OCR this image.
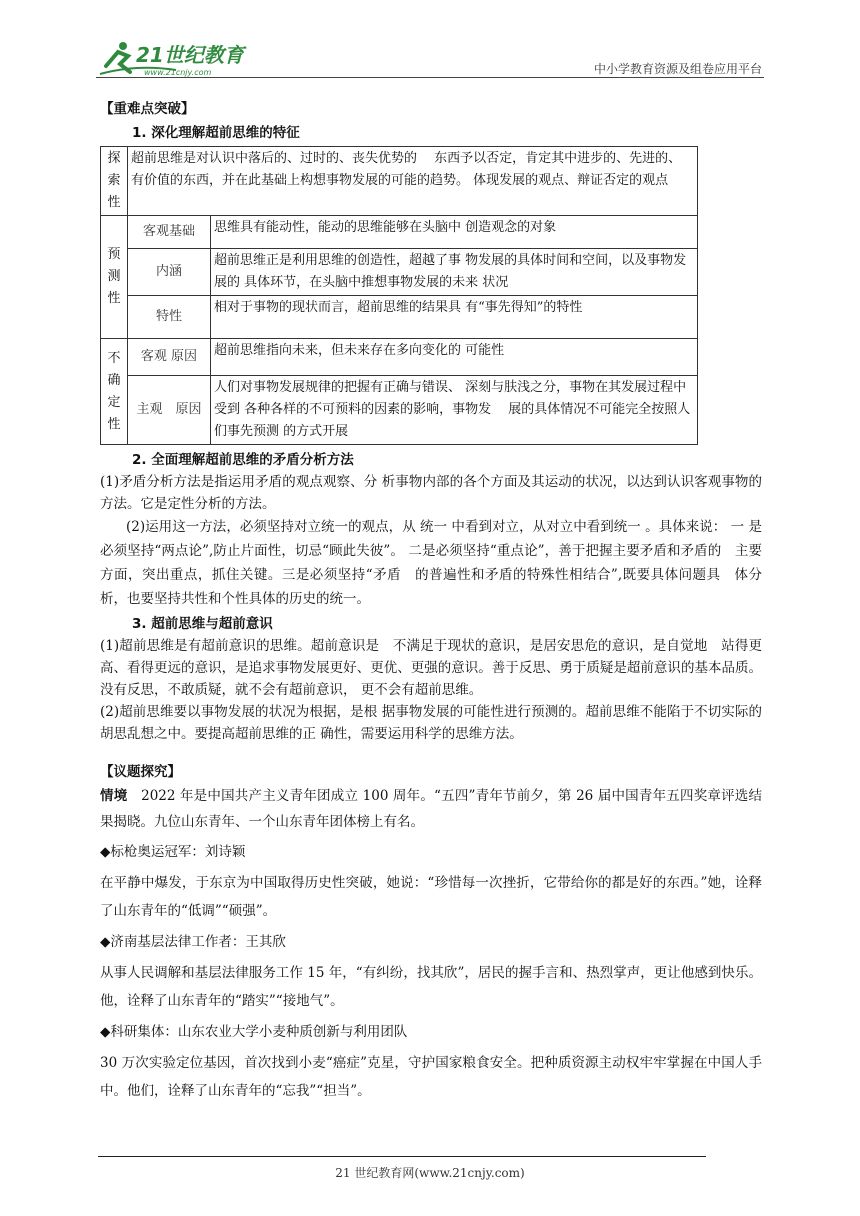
21世纪教育
www.21cnjy.com	中小学教育资源及组卷应用平台

【重难点突破】

1. 深化理解超前思维的特征

探索性	超前思维是对认识中落后的、过时的、丧失优势的　 东西予以否定，肯定其中进步的、先进的、有价值的东西，并在此基础上构想事物发展的可能的趋势。 体现发展的观点、辩证否定的观点	
预测性	客观基础	思维具有能动性，能动的思维能够在头脑中 创造观念的对象
	内涵	超前思维正是利用思维的创造性，超越了事 物发展的具体时间和空间，以及事物发展的 具体环节，在头脑中推想事物发展的未来 状况
	特性	相对于事物的现状而言，超前思维的结果具 有“事先得知”的特性
不确定性	客观 原因	超前思维指向未来，但未来存在多向变化的 可能性
	主观　原因	人们对事物发展规律的把握有正确与错误、 深刻与肤浅之分，事物在其发展过程中受到 各种各样的不可预料的因素的影响，事物发　 展的具体情况不可能完全按照人们事先预测 的方式开展

2. 全面理解超前思维的矛盾分析方法

(1)矛盾分析方法是指运用矛盾的观点观察、分 析事物内部的各个方面及其运动的状况，以达到认识客观事物的方法。它是定性分析的方法。

(2)运用这一方法，必须坚持对立统一的观点，从 统一 中看到对立，从对立中看到统一 。具体来说： 一 是必须坚持“两点论”,防止片面性，切忌“顾此失彼”。 二是必须坚持“重点论”，善于把握主要矛盾和矛盾的　主要方面，突出重点，抓住关键。三是必须坚持“矛盾　的普遍性和矛盾的特殊性相结合”,既要具体问题具　体分析，也要坚持共性和个性具体的历史的统一。

3. 超前思维与超前意识

(1)超前思维是有超前意识的思维。超前意识是　不满足于现状的意识，是居安思危的意识，是自觉地　站得更高、看得更远的意识，是追求事物发展更好、更优、更强的意识。善于反思、勇于质疑是超前意识的基本品质。没有反思，不敢质疑，就不会有超前意识， 更不会有超前思维。

(2)超前思维要以事物发展的状况为根据，是根 据事物发展的可能性进行预测的。超前思维不能陷于不切实际的胡思乱想之中。要提高超前思维的正 确性，需要运用科学的思维方法。

【议题探究】

情境　2022 年是中国共产主义青年团成立 100 周年。“五四”青年节前夕，第 26 届中国青年五四奖章评选结果揭晓。九位山东青年、一个山东青年团体榜上有名。

◆标枪奥运冠军：刘诗颖

在平静中爆发，于东京为中国取得历史性突破，她说：“珍惜每一次挫折，它带给你的都是好的东西。”她，诠释了山东青年的“低调”“硕强”。

◆济南基层法律工作者：王其欣

从事人民调解和基层法律服务工作 15 年，“有纠纷，找其欣”，居民的握手言和、热烈掌声，更让他感到快乐。他，诠释了山东青年的“踏实”“接地气”。

◆科研集体：山东农业大学小麦种质创新与利用团队

30 万次实验定位基因，首次找到小麦“癌症”克星，守护国家粮食安全。把种质资源主动权牢牢掌握在中国人手中。他们，诠释了山东青年的“忘我”“担当”。

21 世纪教育网(www.21cnjy.com)
